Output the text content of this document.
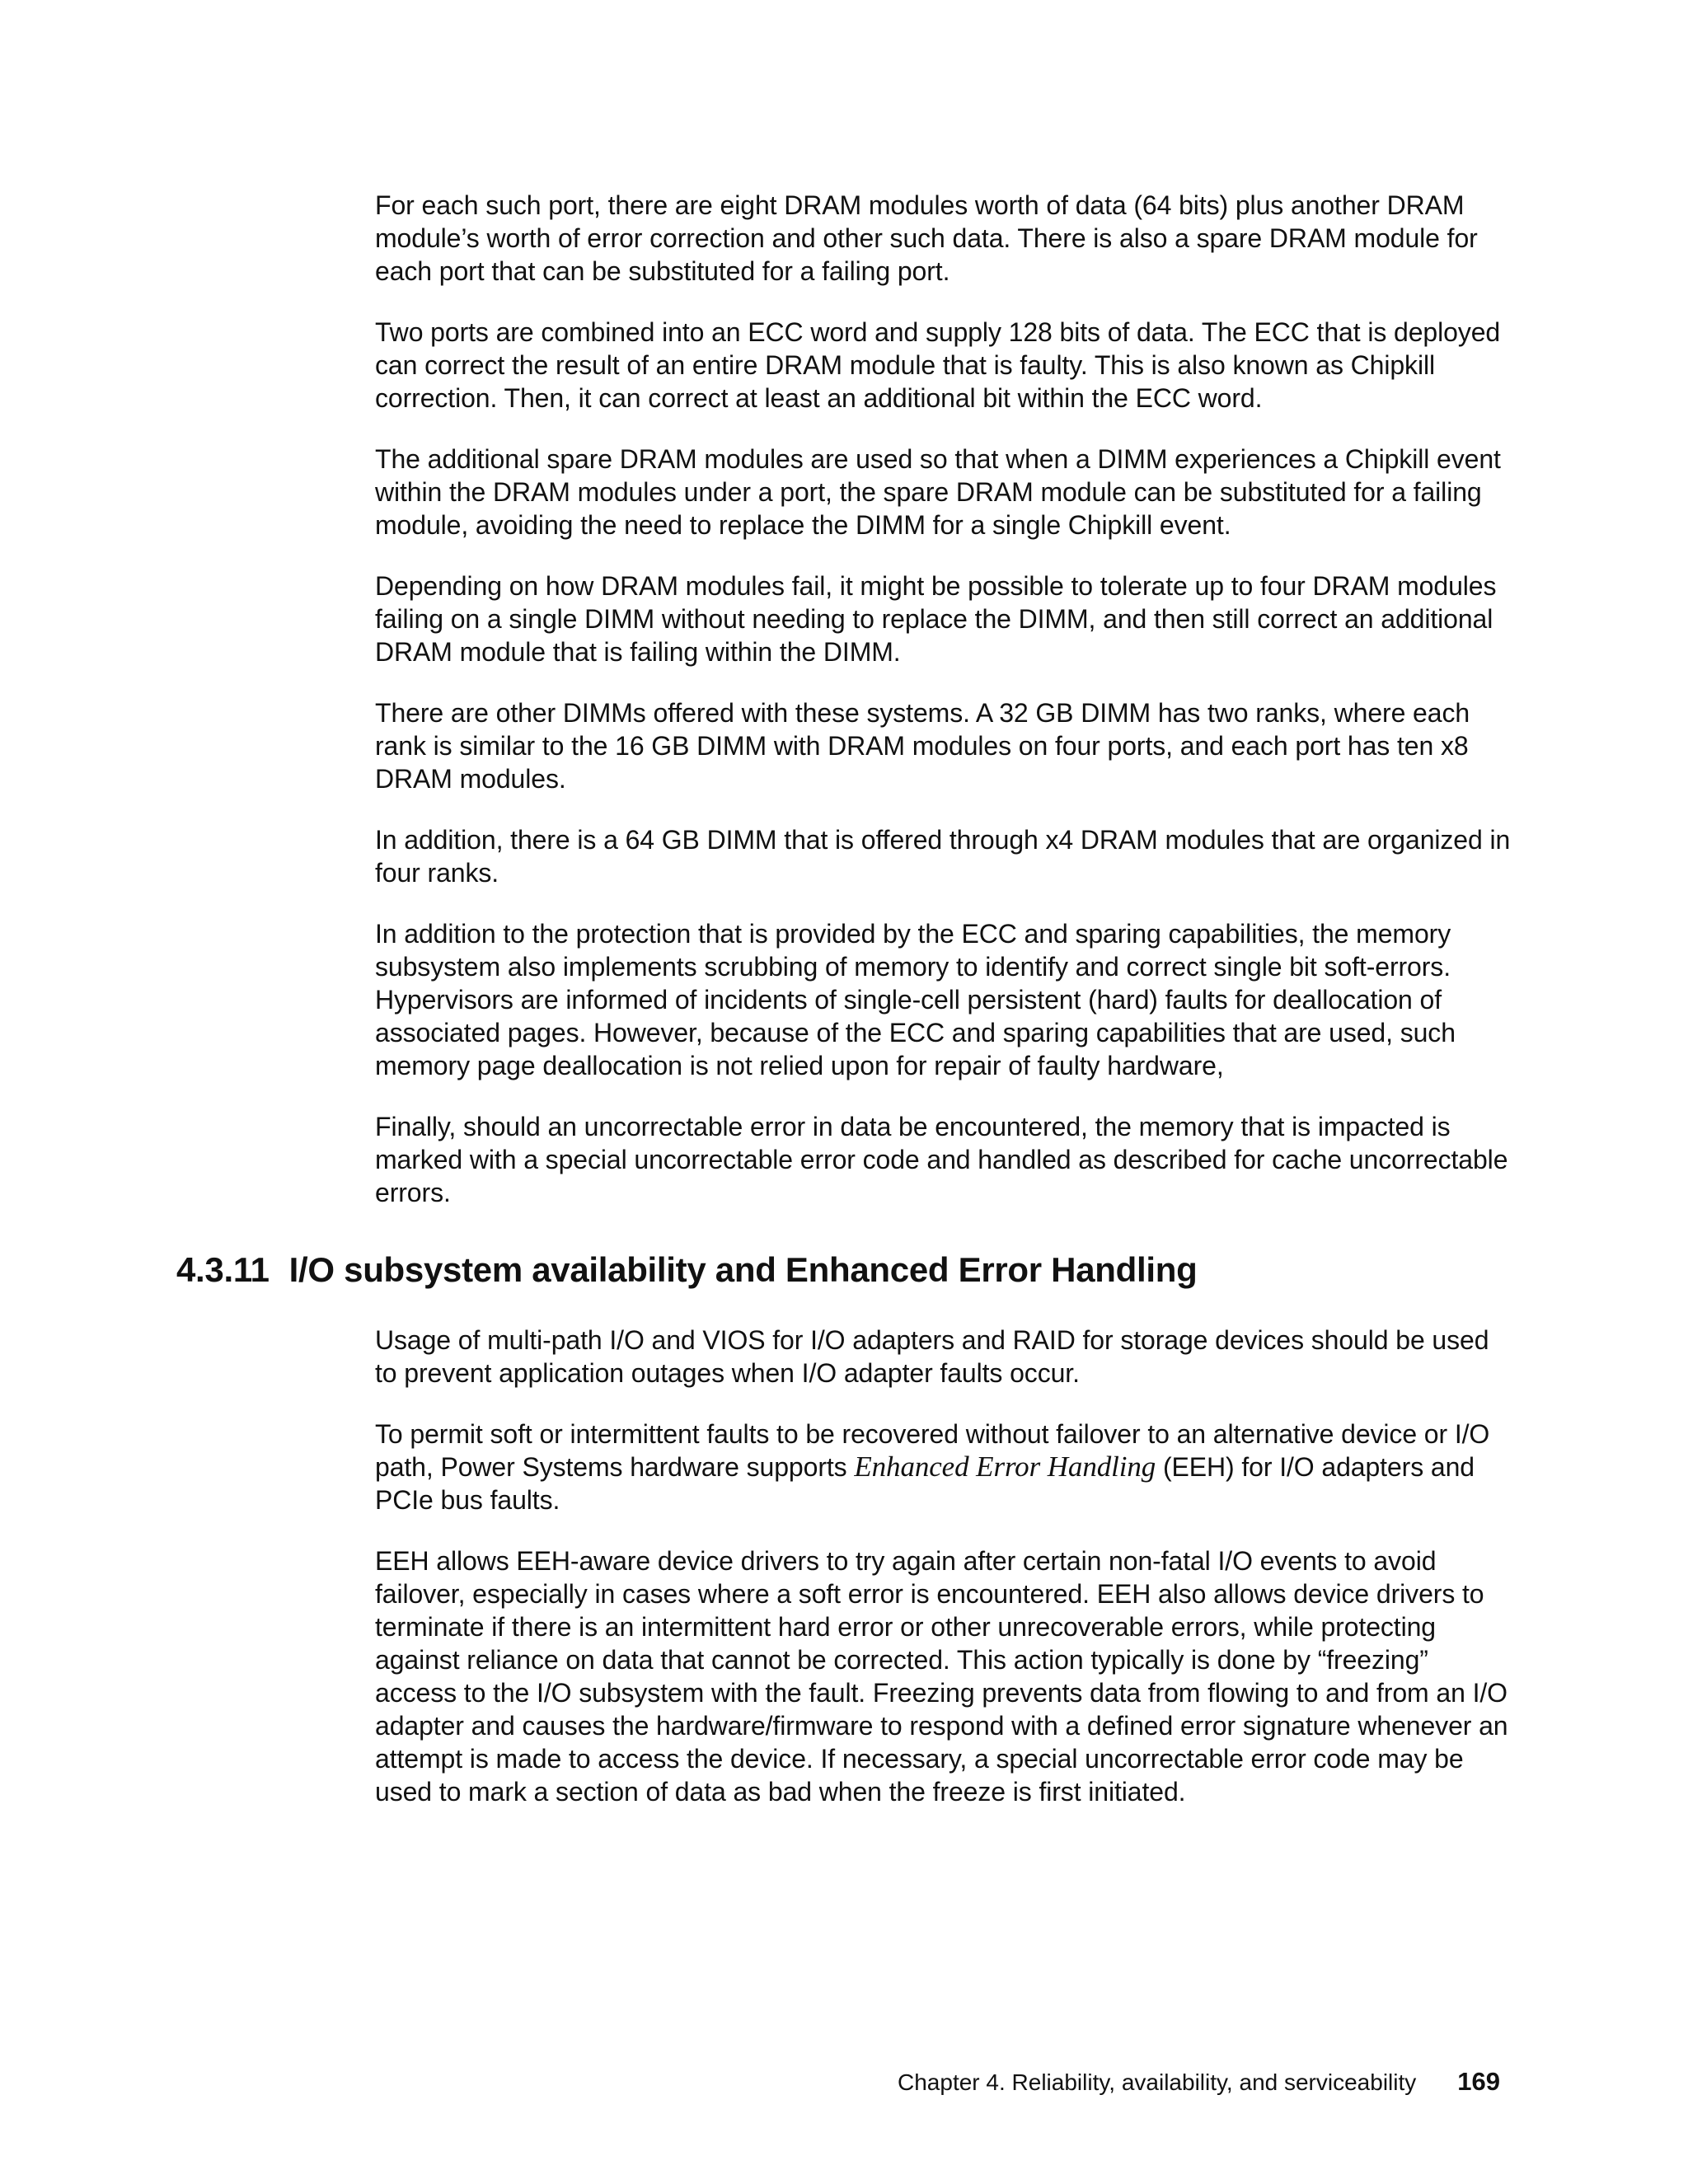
For each such port, there are eight DRAM modules worth of data (64 bits) plus another DRAM module’s worth of error correction and other such data. There is also a spare DRAM module for each port that can be substituted for a failing port.

Two ports are combined into an ECC word and supply 128 bits of data. The ECC that is deployed can correct the result of an entire DRAM module that is faulty. This is also known as Chipkill correction. Then, it can correct at least an additional bit within the ECC word.

The additional spare DRAM modules are used so that when a DIMM experiences a Chipkill event within the DRAM modules under a port, the spare DRAM module can be substituted for a failing module, avoiding the need to replace the DIMM for a single Chipkill event.

Depending on how DRAM modules fail, it might be possible to tolerate up to four DRAM modules failing on a single DIMM without needing to replace the DIMM, and then still correct an additional DRAM module that is failing within the DIMM.

There are other DIMMs offered with these systems. A 32 GB DIMM has two ranks, where each rank is similar to the 16 GB DIMM with DRAM modules on four ports, and each port has ten x8 DRAM modules.

In addition, there is a 64 GB DIMM that is offered through x4 DRAM modules that are organized in four ranks.

In addition to the protection that is provided by the ECC and sparing capabilities, the memory subsystem also implements scrubbing of memory to identify and correct single bit soft-errors. Hypervisors are informed of incidents of single-cell persistent (hard) faults for deallocation of associated pages. However, because of the ECC and sparing capabilities that are used, such memory page deallocation is not relied upon for repair of faulty hardware,

Finally, should an uncorrectable error in data be encountered, the memory that is impacted is marked with a special uncorrectable error code and handled as described for cache uncorrectable errors.

4.3.11 I/O subsystem availability and Enhanced Error Handling

Usage of multi-path I/O and VIOS for I/O adapters and RAID for storage devices should be used to prevent application outages when I/O adapter faults occur.

To permit soft or intermittent faults to be recovered without failover to an alternative device or I/O path, Power Systems hardware supports Enhanced Error Handling (EEH) for I/O adapters and PCIe bus faults.

EEH allows EEH-aware device drivers to try again after certain non-fatal I/O events to avoid failover, especially in cases where a soft error is encountered. EEH also allows device drivers to terminate if there is an intermittent hard error or other unrecoverable errors, while protecting against reliance on data that cannot be corrected. This action typically is done by “freezing” access to the I/O subsystem with the fault. Freezing prevents data from flowing to and from an I/O adapter and causes the hardware/firmware to respond with a defined error signature whenever an attempt is made to access the device. If necessary, a special uncorrectable error code may be used to mark a section of data as bad when the freeze is first initiated.

Chapter 4. Reliability, availability, and serviceability 169
